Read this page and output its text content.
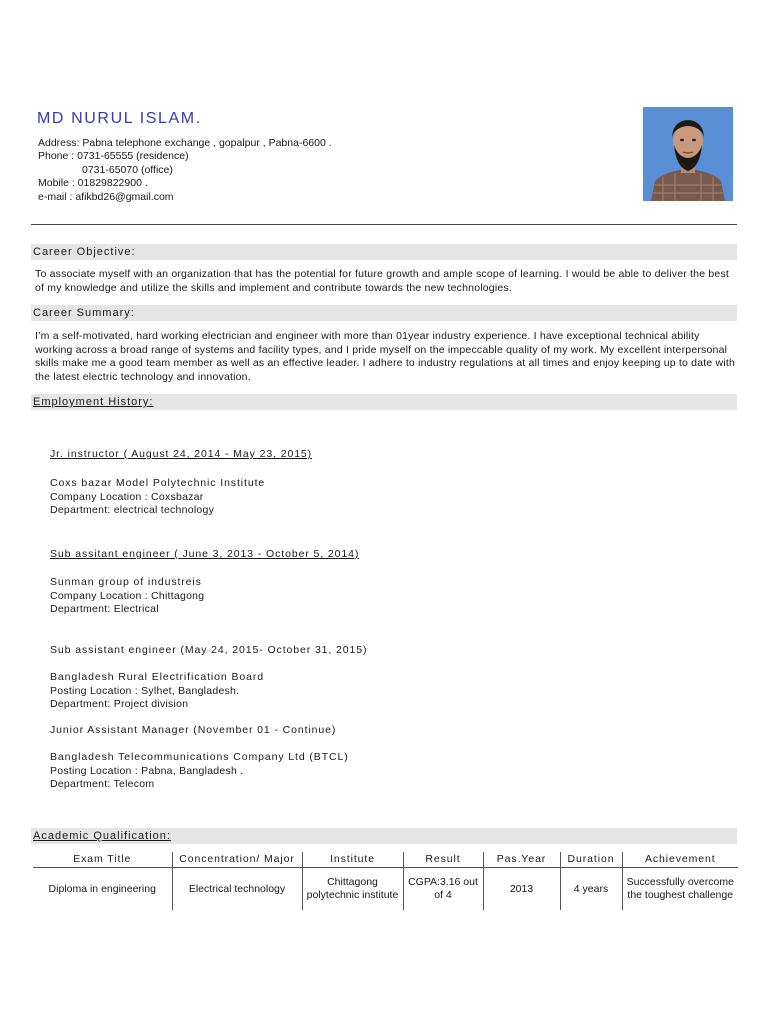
MD NURUL ISLAM.
Address: Pabna telephone exchange , gopalpur , Pabna-6600 .
Phone : 0731-65555 (residence)
0731-65070 (office)
Mobile : 01829822900 .
e-mail : afikbd26@gmail.com
Career Objective:
To associate myself with an organization that has the potential for future growth and ample scope of learning. I would be able to deliver the best of my knowledge and utilize the skills and implement and contribute towards the new technologies.
Career Summary:
I’m a self-motivated, hard working electrician and engineer with more than 01year industry experience. I have exceptional technical ability working across a broad range of systems and facility types, and I pride myself on the impeccable quality of my work. My excellent interpersonal skills make me a good team member as well as an effective leader. I adhere to industry regulations at all times and enjoy keeping up to date with the latest electric technology and innovation.
Employment History:
Jr. instructor ( August 24, 2014 - May 23, 2015)
Coxs bazar Model Polytechnic Institute
Company Location : Coxsbazar
Department: electrical technology
Sub assitant engineer ( June 3, 2013 - October 5, 2014)
Sunman group of industreis
Company Location : Chittagong
Department: Electrical
Sub assistant engineer (May 24, 2015- October 31, 2015)
Bangladesh Rural Electrification Board
Posting Location : Sylhet, Bangladesh.
Department: Project division
Junior Assistant Manager (November 01 - Continue)
Bangladesh Telecommunications Company Ltd (BTCL)
Posting Location : Pabna, Bangladesh .
Department: Telecom
Academic Qualification:
Exam Title	Concentration/ Major	Institute	Result	Pas.Year	Duration	Achievement
Diploma in engineering	Electrical technology	Chittagong polytechnic institute	CGPA:3.16 out of 4	2013	4 years	Successfully overcome the toughest challenge
